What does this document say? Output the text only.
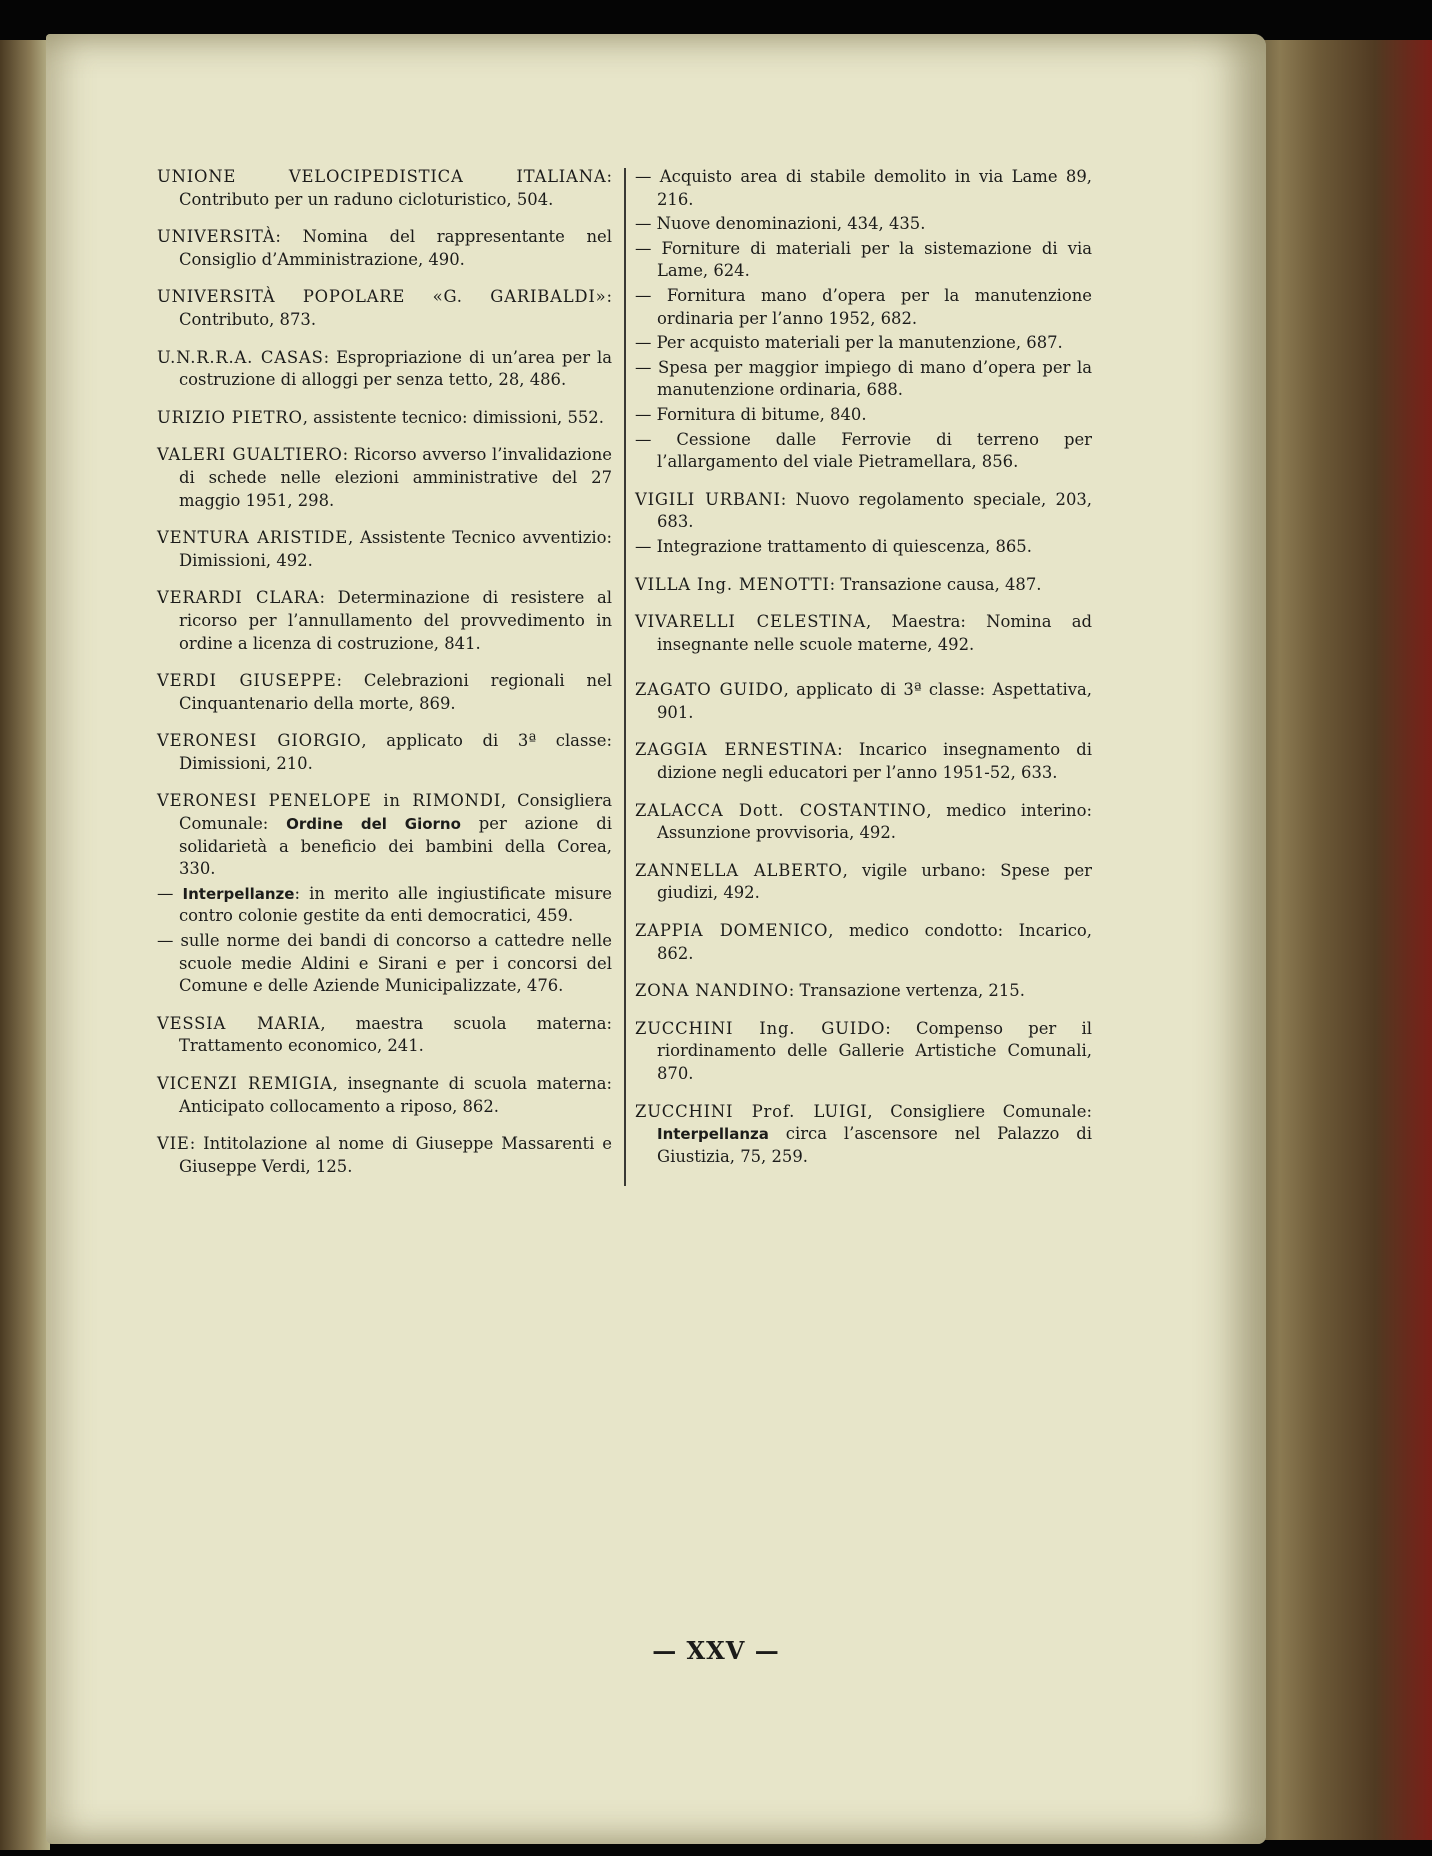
UNIONE VELOCIPEDISTICA ITALIANA: Contributo per un raduno cicloturistico, 504.

UNIVERSITÀ: Nomina del rappresentante nel Consiglio d’Amministrazione, 490.

UNIVERSITÀ POPOLARE «G. GARIBALDI»: Contributo, 873.

U.N.R.R.A. CASAS: Espropriazione di un’area per la costruzione di alloggi per senza tetto, 28, 486.

URIZIO PIETRO, assistente tecnico: dimissioni, 552.

VALERI GUALTIERO: Ricorso avverso l’invalidazione di schede nelle elezioni amministrative del 27 maggio 1951, 298.

VENTURA ARISTIDE, Assistente Tecnico avventizio: Dimissioni, 492.

VERARDI CLARA: Determinazione di resistere al ricorso per l’annullamento del provvedimento in ordine a licenza di costruzione, 841.

VERDI GIUSEPPE: Celebrazioni regionali nel Cinquantenario della morte, 869.

VERONESI GIORGIO, applicato di 3ª classe: Dimissioni, 210.

VERONESI PENELOPE in RIMONDI, Consigliera Comunale: Ordine del Giorno per azione di solidarietà a beneficio dei bambini della Corea, 330.

— Interpellanze: in merito alle ingiustificate misure contro colonie gestite da enti democratici, 459.

— sulle norme dei bandi di concorso a cattedre nelle scuole medie Aldini e Sirani e per i concorsi del Comune e delle Aziende Municipalizzate, 476.

VESSIA MARIA, maestra scuola materna: Trattamento economico, 241.

VICENZI REMIGIA, insegnante di scuola materna: Anticipato collocamento a riposo, 862.

VIE: Intitolazione al nome di Giuseppe Massarenti e Giuseppe Verdi, 125.

— Acquisto area di stabile demolito in via Lame 89, 216.

— Nuove denominazioni, 434, 435.

— Forniture di materiali per la sistemazione di via Lame, 624.

— Fornitura mano d’opera per la manutenzione ordinaria per l’anno 1952, 682.

— Per acquisto materiali per la manutenzione, 687.

— Spesa per maggior impiego di mano d’opera per la manutenzione ordinaria, 688.

— Fornitura di bitume, 840.

— Cessione dalle Ferrovie di terreno per l’allargamento del viale Pietramellara, 856.

VIGILI URBANI: Nuovo regolamento speciale, 203, 683.

— Integrazione trattamento di quiescenza, 865.

VILLA Ing. MENOTTI: Transazione causa, 487.

VIVARELLI CELESTINA, Maestra: Nomina ad insegnante nelle scuole materne, 492.

ZAGATO GUIDO, applicato di 3ª classe: Aspettativa, 901.

ZAGGIA ERNESTINA: Incarico insegnamento di dizione negli educatori per l’anno 1951-52, 633.

ZALACCA Dott. COSTANTINO, medico interino: Assunzione provvisoria, 492.

ZANNELLA ALBERTO, vigile urbano: Spese per giudizi, 492.

ZAPPIA DOMENICO, medico condotto: Incarico, 862.

ZONA NANDINO: Transazione vertenza, 215.

ZUCCHINI Ing. GUIDO: Compenso per il riordinamento delle Gallerie Artistiche Comunali, 870.

ZUCCHINI Prof. LUIGI, Consigliere Comunale: Interpellanza circa l’ascensore nel Palazzo di Giustizia, 75, 259.

— XXV —
